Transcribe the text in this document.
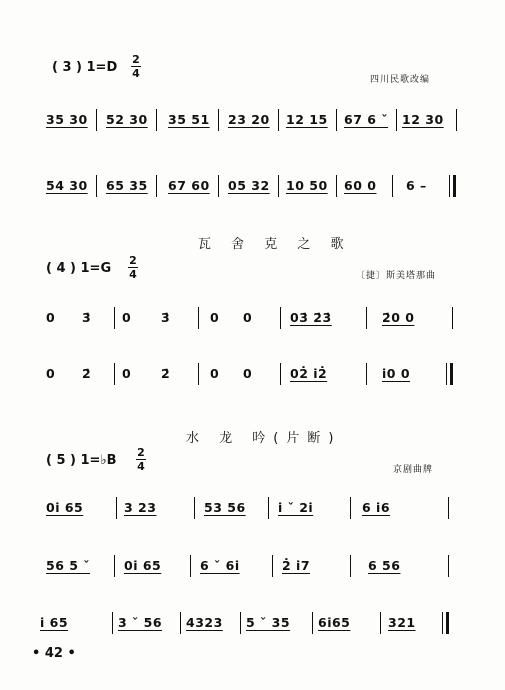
( 3 ) 1=D
2
4	四川民歌改编
35 30 52 30 35 51 23 20 12 15 67 6 ˇ 12 30
54 30 65 35 67 60 05 32 10 50 60 0 6 –
瓦 舍 克 之 歌
( 4 ) 1=G
2
4	〔捷〕斯美塔那曲
0 3̇ 0 3̇	0 0	03̇ 2̇3̇	2̇0 0
0 2̇ 0 2̇	0 0	02̇ i2̇	i0 0
水 龙 吟(片断)
( 5 ) 1=♭B
2
4	京剧曲牌
0i 65	3 23	53 56	i ˇ 2i	6 i6
56 5 ˇ	0i 65	6 ˇ 6i	2̇ i7	6 56
i 65	3 ˇ 56 4323 5 ˇ 35 6i65	321
• 42 •
